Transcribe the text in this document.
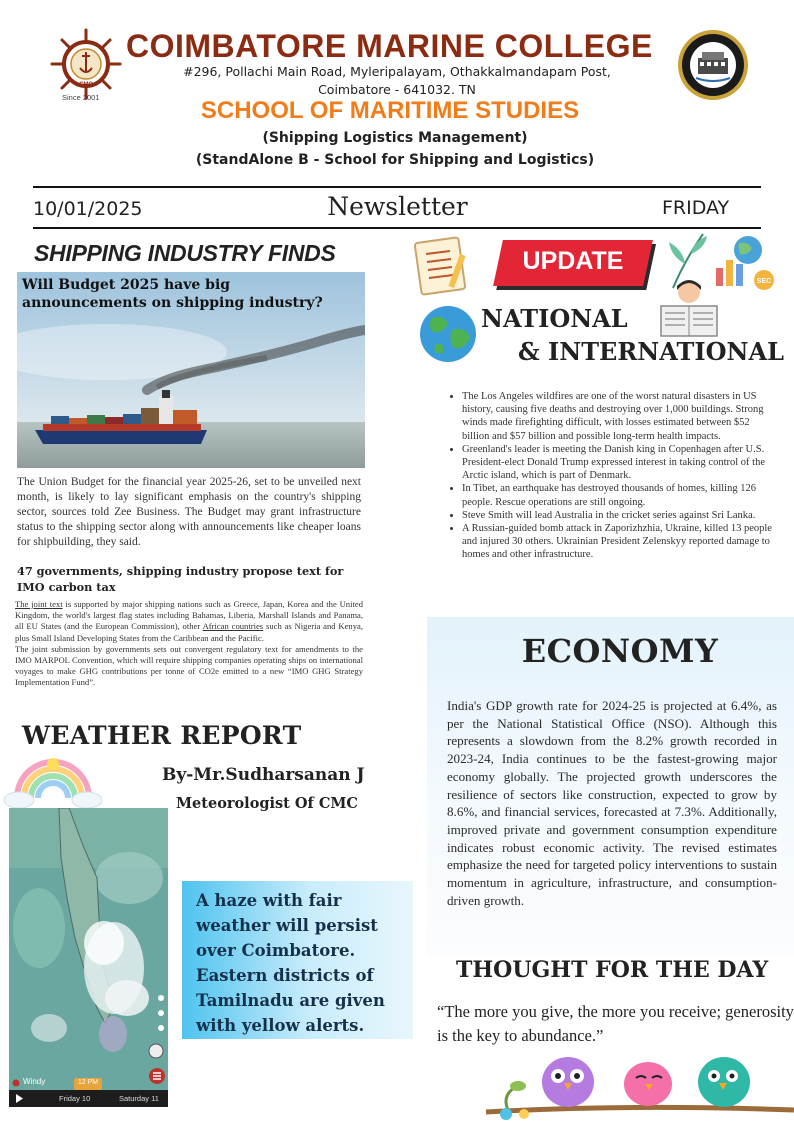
CMC
Since 2001
COIMBATORE MARINE COLLEGE
#296, Pollachi Main Road, Myleripalayam, Othakkalmandapam Post,
Coimbatore - 641032. TN
SCHOOL OF MARITIME STUDIES
(Shipping Logistics Management)
(StandAlone B - School for Shipping and Logistics)
10/01/2025	Newsletter	FRIDAY
SHIPPING INDUSTRY FINDS
Will Budget 2025 have big announcements on shipping industry?
The Union Budget for the financial year 2025-26, set to be unveiled next month, is likely to lay significant emphasis on the country's shipping sector, sources told Zee Business. The Budget may grant infrastructure status to the shipping sector along with announcements like cheaper loans for shipbuilding, they said.
47 governments, shipping industry propose text for IMO carbon tax
The joint text is supported by major shipping nations such as Greece, Japan, Korea and the United Kingdom, the world's largest flag states including Bahamas, Liberia, Marshall Islands and Panama, all EU States (and the European Commission), other African countries such as Nigeria and Kenya, plus Small Island Developing States from the Caribbean and the Pacific.
The joint submission by governments sets out convergent regulatory text for amendments to the IMO MARPOL Convention, which will require shipping companies operating ships on international voyages to make GHG contributions per tonne of CO2e emitted to a new “IMO GHG Strategy Implementation Fund”.
WEATHER REPORT
By-Mr.Sudharsanan J
Meteorologist Of CMC
Windy	12 PM
Friday 10	Saturday 11
A haze with fair weather will persist over Coimbatore. Eastern districts of Tamilnadu are given with yellow alerts.
UPDATE
SEC
NATIONAL
& INTERNATIONAL
• The Los Angeles wildfires are one of the worst natural disasters in US history, causing five deaths and destroying over 1,000 buildings. Strong winds made firefighting difficult, with losses estimated between $52 billion and $57 billion and possible long-term health impacts.
• Greenland's leader is meeting the Danish king in Copenhagen after U.S. President-elect Donald Trump expressed interest in taking control of the Arctic island, which is part of Denmark.
• In Tibet, an earthquake has destroyed thousands of homes, killing 126 people. Rescue operations are still ongoing.
• Steve Smith will lead Australia in the cricket series against Sri Lanka.
• A Russian-guided bomb attack in Zaporizhzhia, Ukraine, killed 13 people and injured 30 others. Ukrainian President Zelenskyy reported damage to homes and other infrastructure.
ECONOMY
India's GDP growth rate for 2024-25 is projected at 6.4%, as per the National Statistical Office (NSO). Although this represents a slowdown from the 8.2% growth recorded in 2023-24, India continues to be the fastest-growing major economy globally. The projected growth underscores the resilience of sectors like construction, expected to grow by 8.6%, and financial services, forecasted at 7.3%. Additionally, improved private and government consumption expenditure indicates robust economic activity. The revised estimates emphasize the need for targeted policy interventions to sustain momentum in agriculture, infrastructure, and consumption-driven growth.
THOUGHT FOR THE DAY
“The more you give, the more you receive; generosity is the key to abundance.”
